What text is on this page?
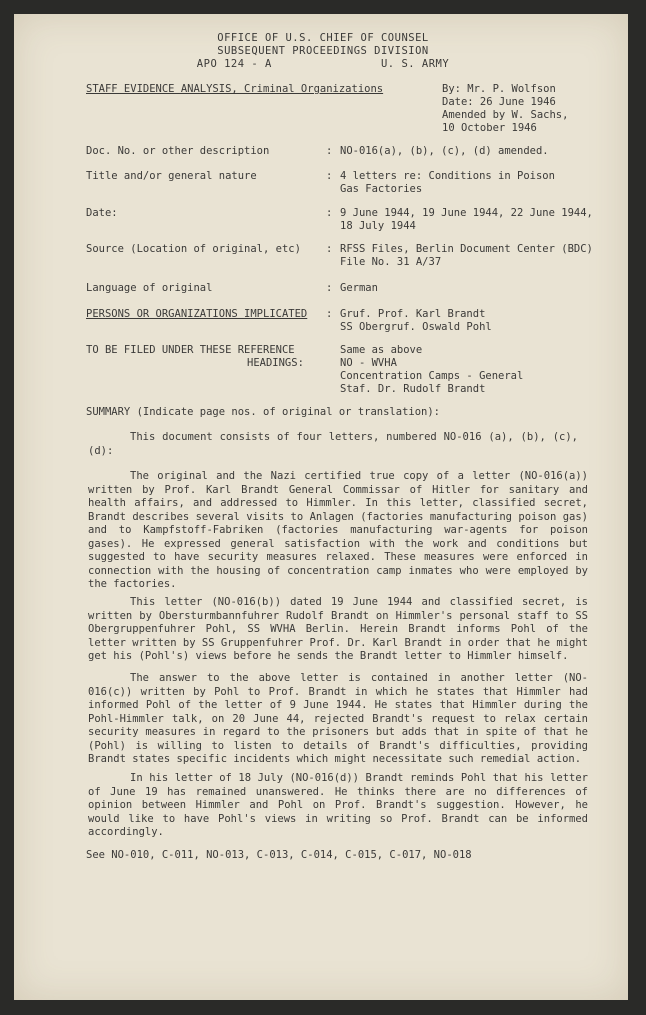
OFFICE OF U.S. CHIEF OF COUNSEL
SUBSEQUENT PROCEEDINGS DIVISION
APO 124 - A                U. S. ARMY
STAFF EVIDENCE ANALYSIS, Criminal Organizations	By: Mr. P. Wolfson
Date: 26 June 1946
Amended by W. Sachs,
10 October 1946
Doc. No. or other description	: NO-016(a), (b), (c), (d) amended.
Title and/or general nature	: 4 letters re: Conditions in Poison
Gas Factories
Date:	: 9 June 1944, 19 June 1944, 22 June 1944,
18 July 1944
Source (Location of original, etc) : RFSS Files, Berlin Document Center (BDC)
File No. 31 A/37
Language of original	: German
PERSONS OR ORGANIZATIONS IMPLICATED : Gruf. Prof. Karl Brandt
SS Obergruf. Oswald Pohl
TO BE FILED UNDER THESE REFERENCE
HEADINGS:
Same as above
NO - WVHA
Concentration Camps - General
Staf. Dr. Rudolf Brandt
SUMMARY (Indicate page nos. of original or translation):
This document consists of four letters, numbered NO-016 (a), (b), (c), (d):
The original and the Nazi certified true copy of a letter (NO-016(a)) written by Prof. Karl Brandt General Commissar of Hitler for sanitary and health affairs, and addressed to Himmler. In this letter, classified secret, Brandt describes several visits to Anlagen (factories manufacturing poison gas) and to Kampfstoff-Fabriken (factories manufacturing war-agents for poison gases). He expressed general satisfaction with the work and conditions but suggested to have security measures relaxed. These measures were enforced in connection with the housing of concentration camp inmates who were employed by the factories.
This letter (NO-016(b)) dated 19 June 1944 and classified secret, is written by Obersturmbannfuhrer Rudolf Brandt on Himmler's personal staff to SS Obergruppenfuhrer Pohl, SS WVHA Berlin. Herein Brandt informs Pohl of the letter written by SS Gruppenfuhrer Prof. Dr. Karl Brandt in order that he might get his (Pohl's) views before he sends the Brandt letter to Himmler himself.
The answer to the above letter is contained in another letter (NO-016(c)) written by Pohl to Prof. Brandt in which he states that Himmler had informed Pohl of the letter of 9 June 1944. He states that Himmler during the Pohl-Himmler talk, on 20 June 44, rejected Brandt's request to relax certain security measures in regard to the prisoners but adds that in spite of that he (Pohl) is willing to listen to details of Brandt's difficulties, providing Brandt states specific incidents which might necessitate such remedial action.
In his letter of 18 July (NO-016(d)) Brandt reminds Pohl that his letter of June 19 has remained unanswered. He thinks there are no differences of opinion between Himmler and Pohl on Prof. Brandt's suggestion. However, he would like to have Pohl's views in writing so Prof. Brandt can be informed accordingly.
See NO-010, C-011, NO-013, C-013, C-014, C-015, C-017, NO-018
